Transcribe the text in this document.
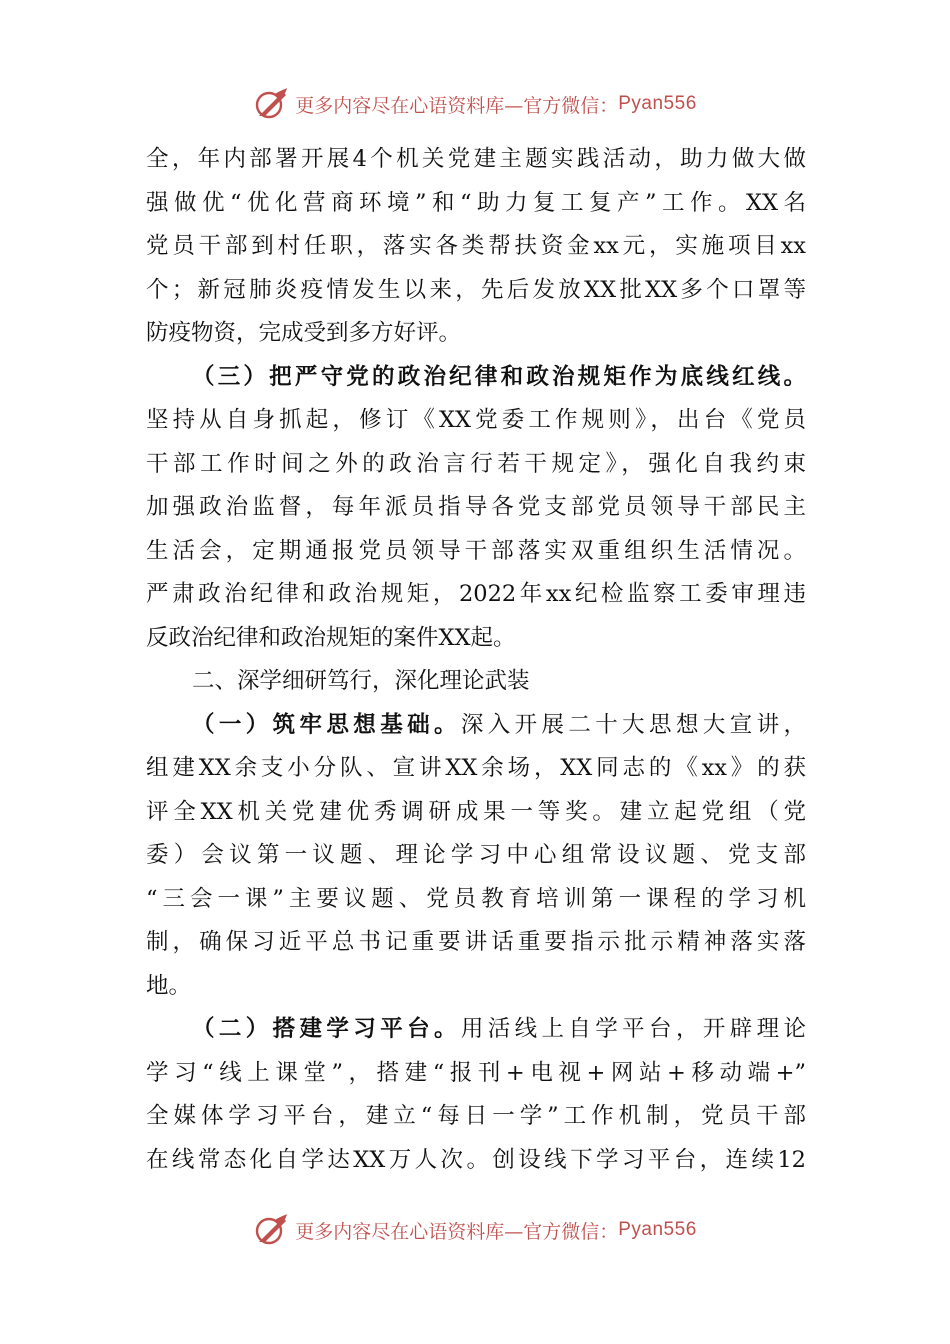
更多内容尽在心语资料库—官方微信： Pyan556
全，年内部署开展4个机关党建主题实践活动，助力做大做
强做优“优化营商环境”和“助力复工复产”工作。XX名
党员干部到村任职，落实各类帮扶资金xx元，实施项目xx
个；新冠肺炎疫情发生以来，先后发放XX批XX多个口罩等
防疫物资，完成受到多方好评。
（三）把严守党的政治纪律和政治规矩作为底线红线。
坚持从自身抓起，修订《XX党委工作规则》，出台《党员
干部工作时间之外的政治言行若干规定》，强化自我约束
加强政治监督，每年派员指导各党支部党员领导干部民主
生活会，定期通报党员领导干部落实双重组织生活情况。
严肃政治纪律和政治规矩，2022年xx纪检监察工委审理违
反政治纪律和政治规矩的案件XX起。
二、深学细研笃行，深化理论武装
（一）筑牢思想基础。深入开展二十大思想大宣讲，
组建XX余支小分队、宣讲XX余场，XX同志的《xx》的获
评全XX机关党建优秀调研成果一等奖。建立起党组（党
委）会议第一议题、理论学习中心组常设议题、党支部
“三会一课”主要议题、党员教育培训第一课程的学习机
制，确保习近平总书记重要讲话重要指示批示精神落实落
地。
（二）搭建学习平台。用活线上自学平台，开辟理论
学习“线上课堂”，搭建“报刊+电视+网站+移动端+”
全媒体学习平台，建立“每日一学”工作机制，党员干部
在线常态化自学达XX万人次。创设线下学习平台，连续12
更多内容尽在心语资料库—官方微信： Pyan556
